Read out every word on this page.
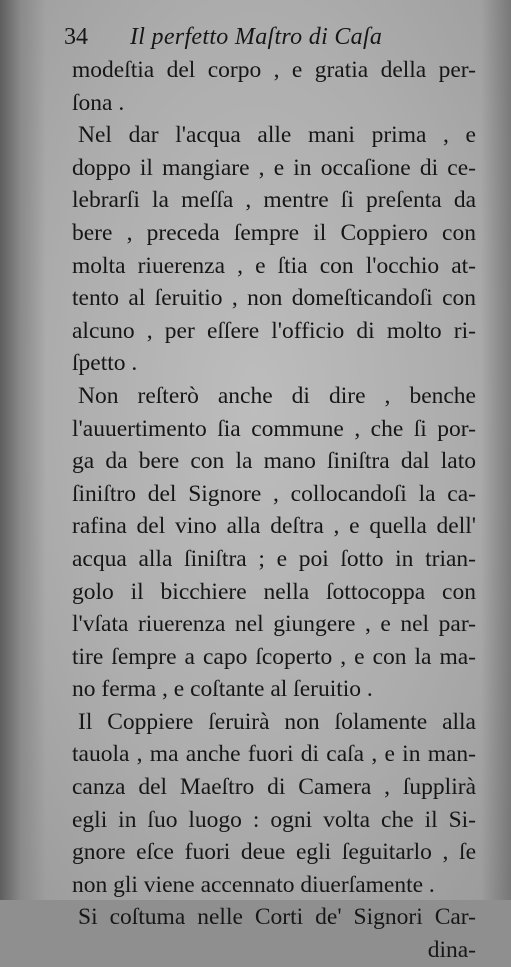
34 Il perfetto Maſtro di Caſa
modeſtia del corpo , e gratia della per-
ſona .
Nel dar l'acqua alle mani prima , e
doppo il mangiare , e in occaſione di ce-
lebrarſi la meſſa , mentre ſi preſenta da
bere , preceda ſempre il Coppiero con
molta riuerenza , e ſtia con l'occhio at-
tento al ſeruitio , non domeſticandoſi con
alcuno , per eſſere l'officio di molto ri-
ſpetto .
Non reſterò anche di dire , benche
l'auuertimento ſia commune , che ſi por-
ga da bere con la mano ſiniſtra dal lato
ſiniſtro del Signore , collocandoſi la ca-
rafina del vino alla deſtra , e quella dell'
acqua alla ſiniſtra ; e poi ſotto in trian-
golo il bicchiere nella ſottocoppa con
l'vſata riuerenza nel giungere , e nel par-
tire ſempre a capo ſcoperto , e con la ma-
no ferma , e coſtante al ſeruitio .
Il Coppiere ſeruirà non ſolamente alla
tauola , ma anche fuori di caſa , e in man-
canza del Maeſtro di Camera , ſupplirà
egli in ſuo luogo : ogni volta che il Si-
gnore eſce fuori deue egli ſeguitarlo , ſe
non gli viene accennato diuerſamente .
Si coſtuma nelle Corti de' Signori Car-
dina-
